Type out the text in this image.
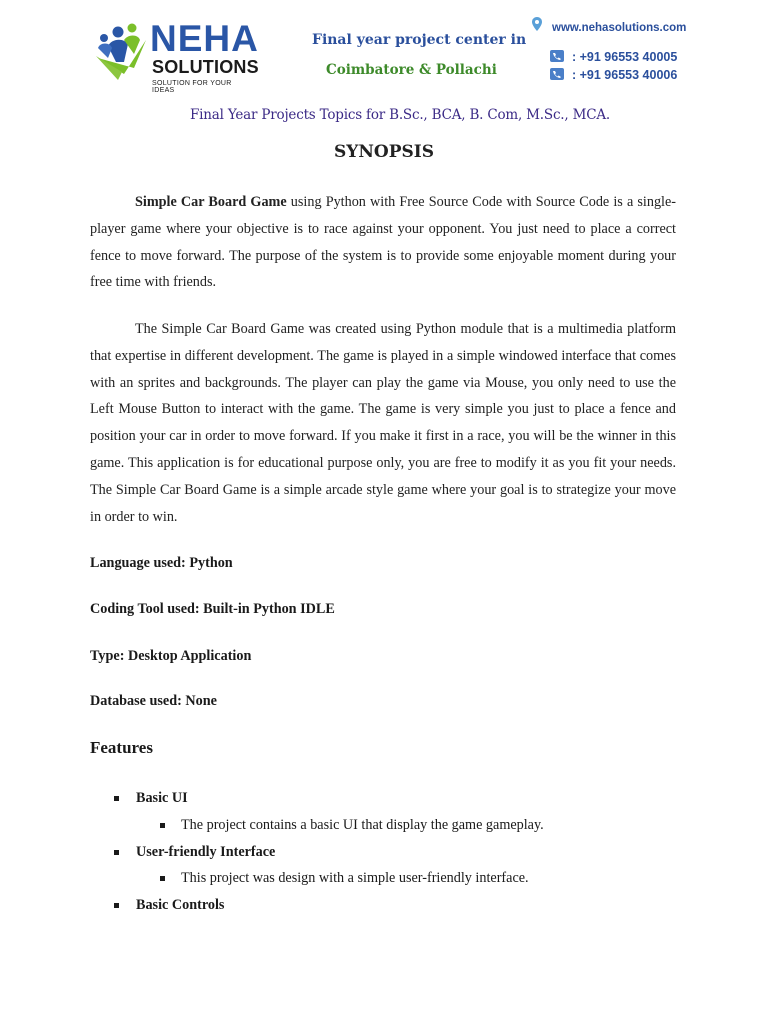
NEHA
SOLUTIONS
SOLUTION FOR YOUR IDEAS
Final year project center in
Coimbatore & Pollachi
www.nehasolutions.com
: +91 96553 40005
: +91 96553 40006
Final Year Projects Topics for B.Sc., BCA, B. Com, M.Sc., MCA.
SYNOPSIS

Simple Car Board Game using Python with Free Source Code with Source Code is a single-player game where your objective is to race against your opponent. You just need to place a correct fence to move forward. The purpose of the system is to provide some enjoyable moment during your free time with friends.

The Simple Car Board Game was created using Python module that is a multimedia platform that expertise in different development. The game is played in a simple windowed interface that comes with an sprites and backgrounds. The player can play the game via Mouse, you only need to use the Left Mouse Button to interact with the game. The game is very simple you just to place a fence and position your car in order to move forward. If you make it first in a race, you will be the winner in this game. This application is for educational purpose only, you are free to modify it as you fit your needs. The Simple Car Board Game is a simple arcade style game where your goal is to strategize your move in order to win.

Language used: Python
Coding Tool used: Built-in Python IDLE
Type: Desktop Application
Database used: None
Features
Basic UI
The project contains a basic UI that display the game gameplay.
User-friendly Interface
This project was design with a simple user-friendly interface.
Basic Controls
